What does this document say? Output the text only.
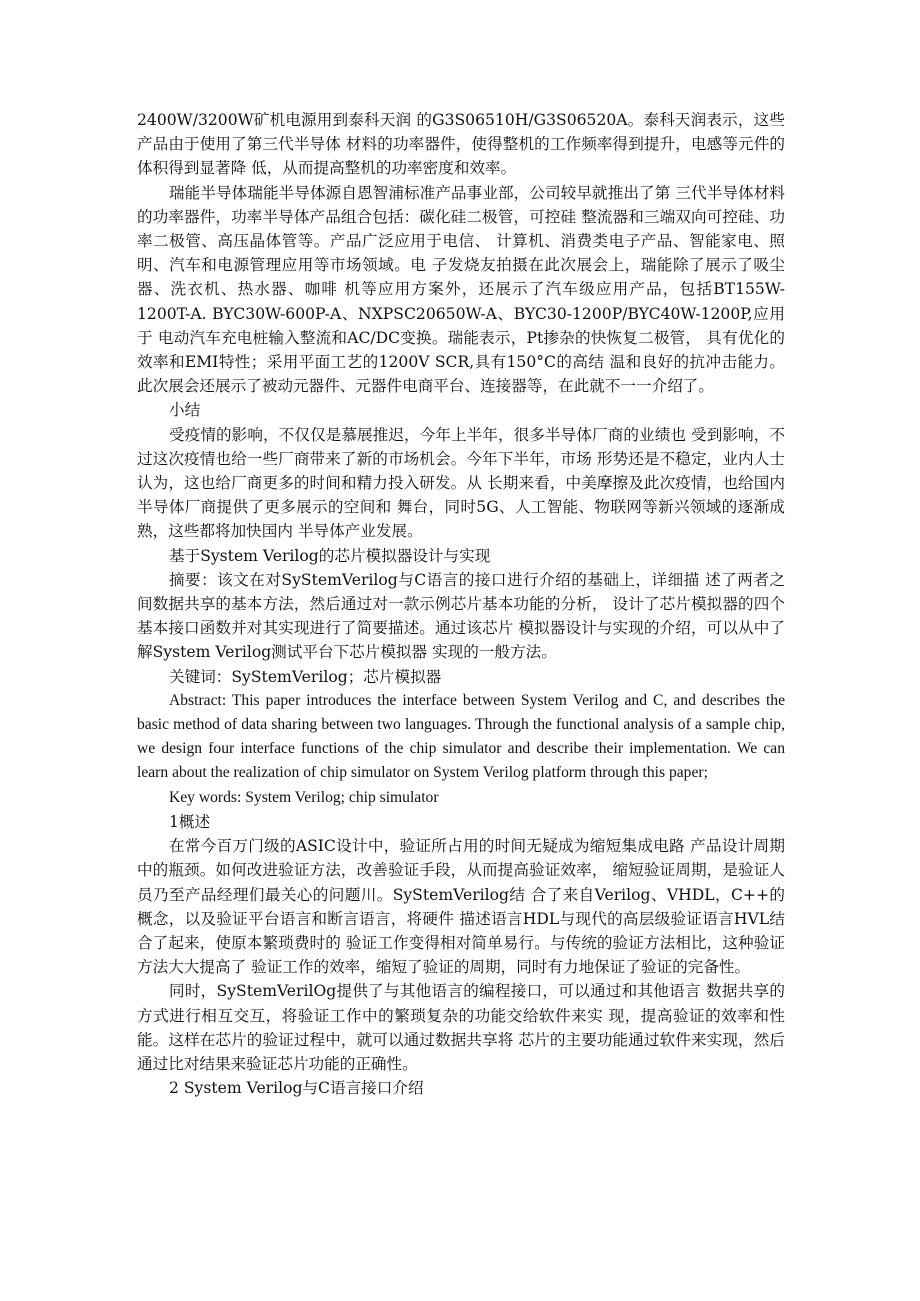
2400W/3200W矿机电源用到泰科天润 的G3S06510H/G3S06520A。泰科天润表示，这些产品由于使用了第三代半导体 材料的功率器件，使得整机的工作频率得到提升，电感等元件的体积得到显著降 低，从而提高整机的功率密度和效率。

瑞能半导体瑞能半导体源自恩智浦标准产品事业部，公司较早就推出了第 三代半导体材料的功率器件，功率半导体产品组合包括：碳化硅二极管，可控硅 整流器和三端双向可控硅、功率二极管、高压晶体管等。产品广泛应用于电信、 计算机、消费类电子产品、智能家电、照明、汽车和电源管理应用等市场领域。电 子发烧友拍摄在此次展会上，瑞能除了展示了吸尘器、洗衣机、热水器、咖啡 机等应用方案外，还展示了汽车级应用产品，包括BT155W-1200T-A. BYC30W-600P-A、NXPSC20650W-A、BYC30-1200P/BYC40W-1200P,应用于 电动汽车充电桩输入整流和AC/DC变换。瑞能表示，Pt掺杂的快恢复二极管， 具有优化的效率和EMI特性；采用平面工艺的1200V SCR,具有150°C的高结 温和良好的抗冲击能力。此次展会还展示了被动元器件、元器件电商平台、连接器等，在此就不一一介绍了。

小结

受疫情的影响，不仅仅是慕展推迟，今年上半年，很多半导体厂商的业绩也 受到影响，不过这次疫情也给一些厂商带来了新的市场机会。今年下半年，市场 形势还是不稳定，业内人士认为，这也给厂商更多的时间和精力投入研发。从 长期来看，中美摩擦及此次疫情，也给国内半导体厂商提供了更多展示的空间和 舞台，同时5G、人工智能、物联网等新兴领域的逐渐成熟，这些都将加快国内 半导体产业发展。

基于System Verilog的芯片模拟器设计与实现

摘要：该文在对SyStemVerilog与C语言的接口进行介绍的基础上，详细描 述了两者之间数据共享的基本方法，然后通过对一款示例芯片基本功能的分析， 设计了芯片模拟器的四个基本接口函数并对其实现进行了简要描述。通过该芯片 模拟器设计与实现的介绍，可以从中了解System Verilog测试平台下芯片模拟器 实现的一般方法。

关键词：SyStemVerilog；芯片模拟器

Abstract: This paper introduces the interface between System Verilog and C, and describes the basic method of data sharing between two languages. Through the functional analysis of a sample chip, we design four interface functions of the chip simulator and describe their implementation. We can learn about the realization of chip simulator on System Verilog platform through this paper;

Key words: System Verilog; chip simulator

1概述

在常今百万门级的ASIC设计中，验证所占用的时间无疑成为缩短集成电路 产品设计周期中的瓶颈。如何改进验证方法，改善验证手段，从而提高验证效率， 缩短验证周期，是验证人员乃至产品经理们最关心的问题川。SyStemVerilog结 合了来自Verilog、VHDL，C++的概念，以及验证平台语言和断言语言，将硬件 描述语言HDL与现代的高层级验证语言HVL结合了起来，使原本繁琐费时的 验证工作变得相对简单易行。与传统的验证方法相比，这种验证方法大大提高了 验证工作的效率，缩短了验证的周期，同时有力地保证了验证的完备性。

同时，SyStemVerilOg提供了与其他语言的编程接口，可以通过和其他语言 数据共享的方式进行相互交互，将验证工作中的繁琐复杂的功能交给软件来实 现，提高验证的效率和性能。这样在芯片的验证过程中，就可以通过数据共享将 芯片的主要功能通过软件来实现，然后通过比对结果来验证芯片功能的正确性。

2 System Verilog与C语言接口介绍
